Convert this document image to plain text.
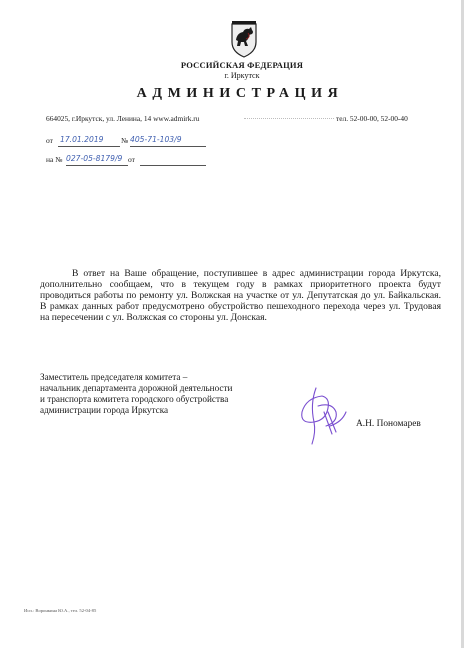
РОССИЙСКАЯ ФЕДЕРАЦИЯ
г. Иркутск
АДМИНИСТРАЦИЯ
664025, г.Иркутск, ул. Ленина, 14 www.admirk.ru	тел. 52-00-00, 52-00-40
от 17.01.2019 № 405-71-103/9
на № 027-05-8179/9 от

В ответ на Ваше обращение, поступившее в адрес администрации города Иркутска, дополнительно сообщаем, что в текущем году в рамках приоритетного проекта будут проводиться работы по ремонту ул. Волжская на участке от ул. Депутатская до ул. Байкальская. В рамках данных работ предусмотрено обустройство пешеходного перехода через ул. Трудовая на пересечении с ул. Волжская со стороны ул. Донская.

Заместитель председателя комитета –
начальник департамента дорожной деятельности
и транспорта комитета городского обустройства
администрации города Иркутска
А.Н. Пономарев
Исп.: Воронкина Ю.А., тел. 52-04-85
